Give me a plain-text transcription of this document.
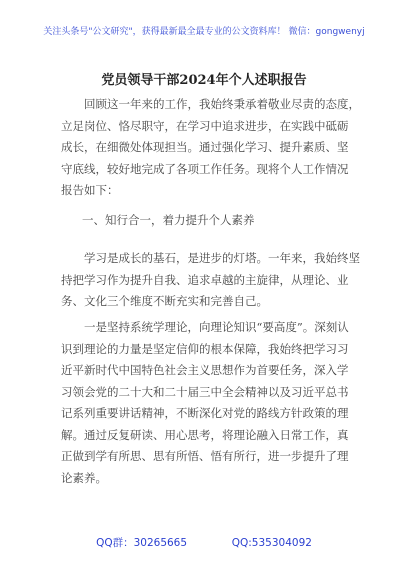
关注头条号"公文研究"，获得最新最全最专业的公文资料库！ 微信：gongwenyj
党员领导干部2024年个人述职报告
　　回顾这一年来的工作，我始终秉承着敬业尽责的态度，
立足岗位、恪尽职守，在学习中追求进步，在实践中砥砺
成长，在细微处体现担当。通过强化学习、提升素质、坚
守底线，较好地完成了各项工作任务。现将个人工作情况
报告如下：
一、知行合一，着力提升个人素养
　　学习是成长的基石，是进步的灯塔。一年来，我始终坚
持把学习作为提升自我、追求卓越的主旋律，从理论、业
务、文化三个维度不断充实和完善自己。
　　一是坚持系统学理论，向理论知识“要高度”。深刻认
识到理论的力量是坚定信仰的根本保障，我始终把学习习
近平新时代中国特色社会主义思想作为首要任务，深入学
习领会党的二十大和二十届三中全会精神以及习近平总书
记系列重要讲话精神，不断深化对党的路线方针政策的理
解。通过反复研读、用心思考，将理论融入日常工作，真
正做到学有所思、思有所悟、悟有所行，进一步提升了理
论素养。
QQ群：30265665	QQ:535304092
